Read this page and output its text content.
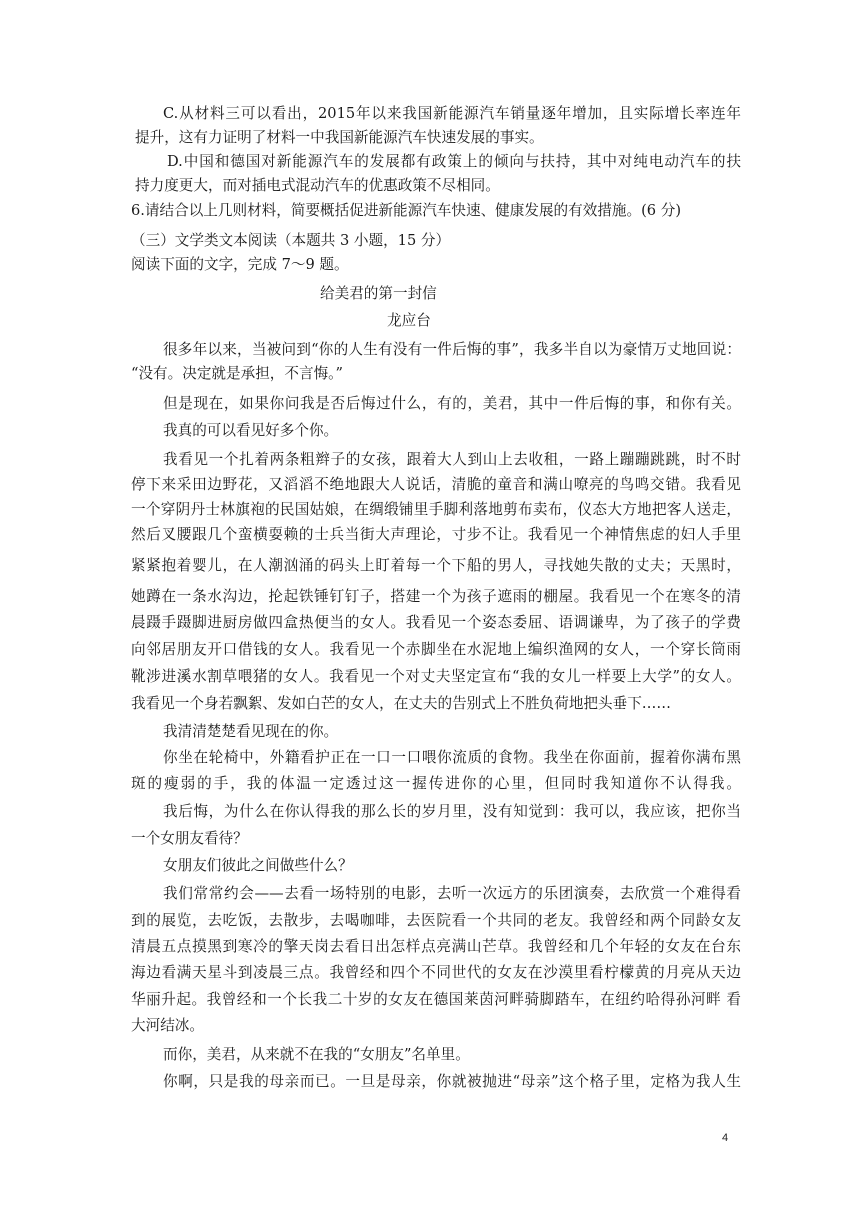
C.从材料三可以看出，2015年以来我国新能源汽车销量逐年增加，且实际增长率连年
提升，这有力证明了材料一中我国新能源汽车快速发展的事实。
D.中国和德国对新能源汽车的发展都有政策上的倾向与扶持，其中对纯电动汽车的扶
持力度更大，而对插电式混动汽车的优惠政策不尽相同。
6.请结合以上几则材料，简要概括促进新能源汽车快速、健康发展的有效措施。(6 分)
（三）文学类文本阅读（本题共 3 小题，15 分）
阅读下面的文字，完成 7～9 题。
给美君的第一封信
龙应台
很多年以来，当被问到“你的人生有没有一件后悔的事”，我多半自以为豪情万丈地回说：
“没有。决定就是承担，不言悔。”
但是现在，如果你问我是否后悔过什么，有的，美君，其中一件后悔的事，和你有关。
我真的可以看见好多个你。
我看见一个扎着两条粗辫子的女孩，跟着大人到山上去收租，一路上蹦蹦跳跳，时不时
停下来采田边野花，又滔滔不绝地跟大人说话，清脆的童音和满山嘹亮的鸟鸣交错。我看见
一个穿阴丹士林旗袍的民国姑娘，在绸缎铺里手脚利落地剪布卖布，仪态大方地把客人送走，
然后叉腰跟几个蛮横耍赖的士兵当街大声理论，寸步不让。我看见一个神情焦虑的妇人手里
紧紧抱着婴儿，在人潮汹涌的码头上盯着每一个下船的男人，寻找她失散的丈夫；天黑时，
她蹲在一条水沟边，抡起铁锤钉钉子，搭建一个为孩子遮雨的棚屋。我看见一个在寒冬的清
晨蹑手蹑脚进厨房做四盒热便当的女人。我看见一个姿态委屈、语调谦卑，为了孩子的学费
向邻居朋友开口借钱的女人。我看见一个赤脚坐在水泥地上编织渔网的女人，一个穿长筒雨
靴涉进溪水割草喂猪的女人。我看见一个对丈夫坚定宣布“我的女儿一样要上大学”的女人。
我看见一个身若飘絮、发如白芒的女人，在丈夫的告别式上不胜负荷地把头垂下……
我清清楚楚看见现在的你。
你坐在轮椅中，外籍看护正在一口一口喂你流质的食物。我坐在你面前，握着你满布黑
斑的瘦弱的手，我的体温一定透过这一握传进你的心里，但同时我知道你不认得我。
我后悔，为什么在你认得我的那么长的岁月里，没有知觉到：我可以，我应该，把你当
一个女朋友看待？
女朋友们彼此之间做些什么？
我们常常约会——去看一场特别的电影，去听一次远方的乐团演奏，去欣赏一个难得看
到的展览，去吃饭，去散步，去喝咖啡，去医院看一个共同的老友。我曾经和两个同龄女友
清晨五点摸黑到寒冷的擎天岗去看日出怎样点亮满山芒草。我曾经和几个年轻的女友在台东
海边看满天星斗到凌晨三点。我曾经和四个不同世代的女友在沙漠里看柠檬黄的月亮从天边
华丽升起。我曾经和一个长我二十岁的女友在德国莱茵河畔骑脚踏车，在纽约哈得孙河畔 看
大河结冰。
而你，美君，从来就不在我的“女朋友”名单里。
你啊，只是我的母亲而已。一旦是母亲，你就被抛进“母亲”这个格子里，定格为我人生
4
